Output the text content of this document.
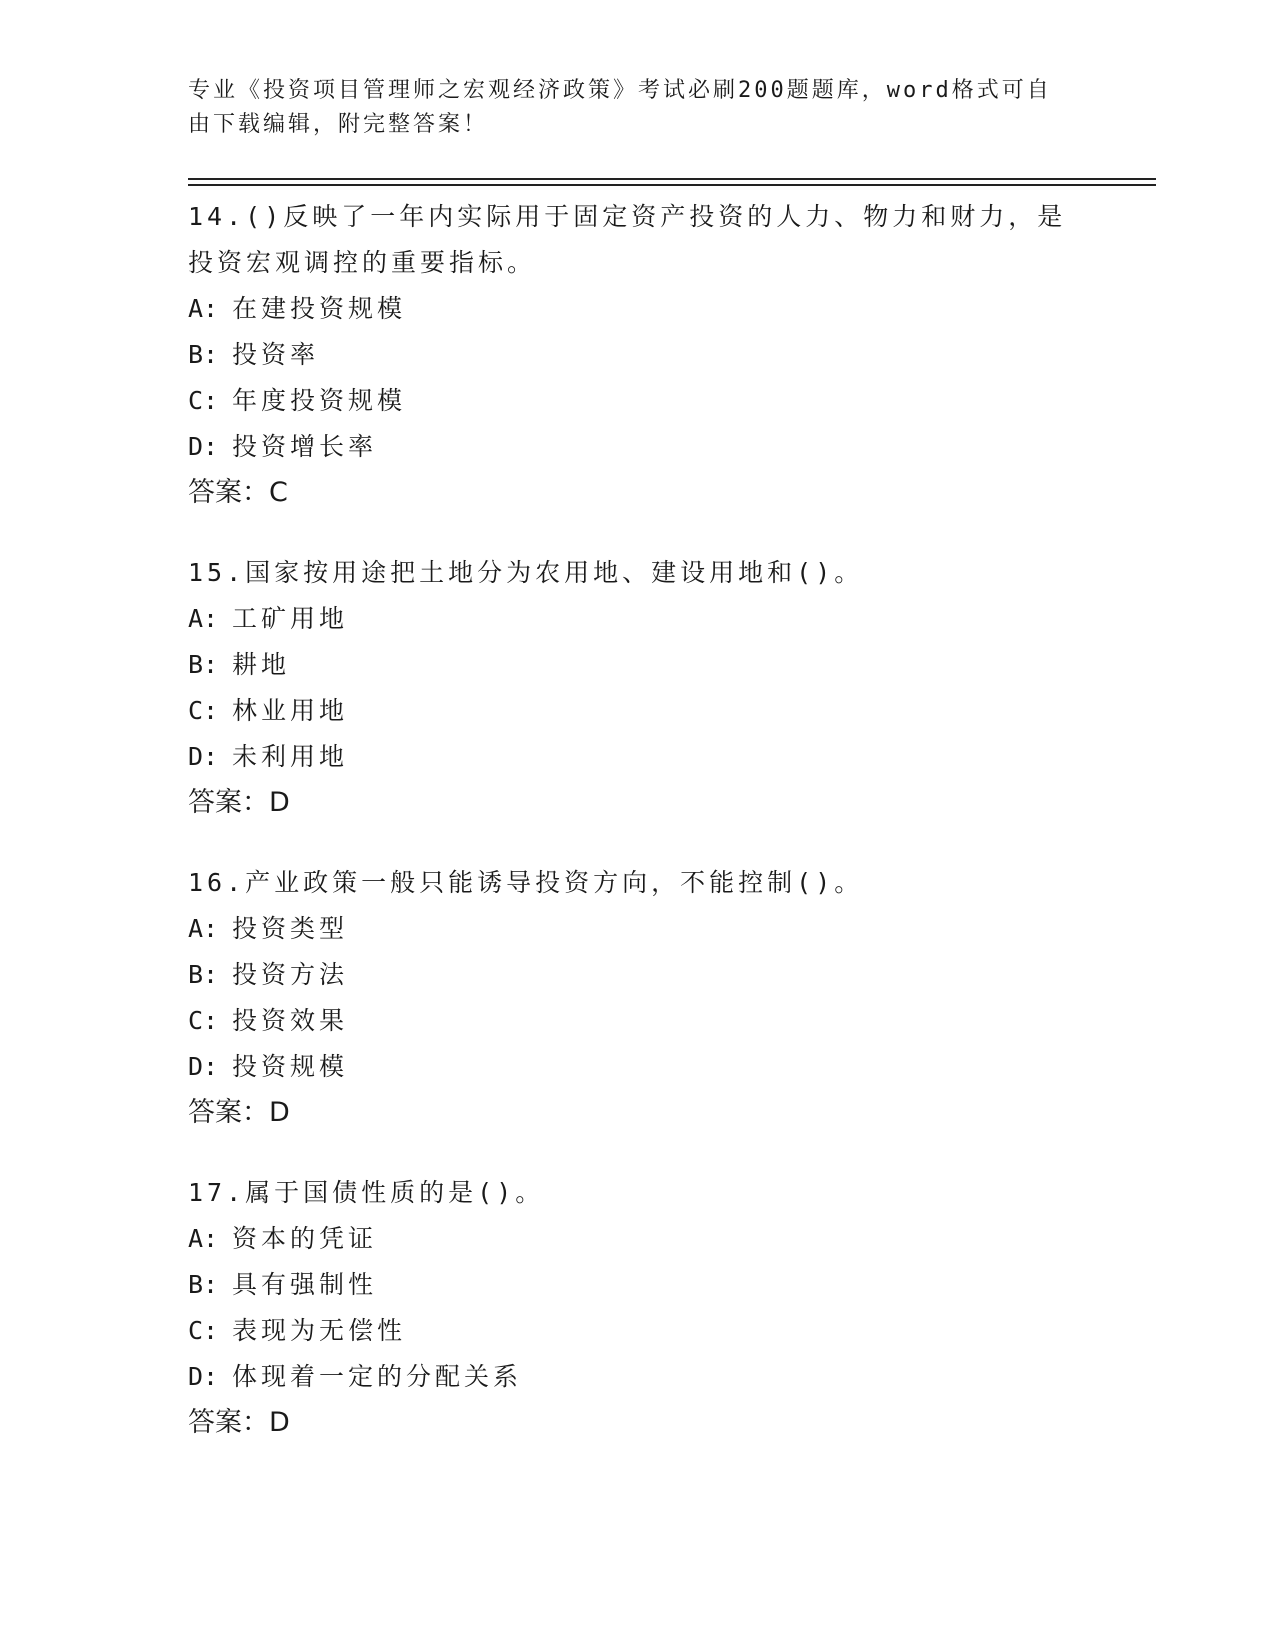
专业《投资项目管理师之宏观经济政策》考试必刷200题题库，word格式可自由下载编辑，附完整答案！
14.()反映了一年内实际用于固定资产投资的人力、物力和财力，是投资宏观调控的重要指标。
A: 在建投资规模
B: 投资率
C: 年度投资规模
D: 投资增长率
答案：C
15.国家按用途把土地分为农用地、建设用地和()。
A: 工矿用地
B: 耕地
C: 林业用地
D: 未利用地
答案：D
16.产业政策一般只能诱导投资方向，不能控制()。
A: 投资类型
B: 投资方法
C: 投资效果
D: 投资规模
答案：D
17.属于国债性质的是()。
A: 资本的凭证
B: 具有强制性
C: 表现为无偿性
D: 体现着一定的分配关系
答案：D
